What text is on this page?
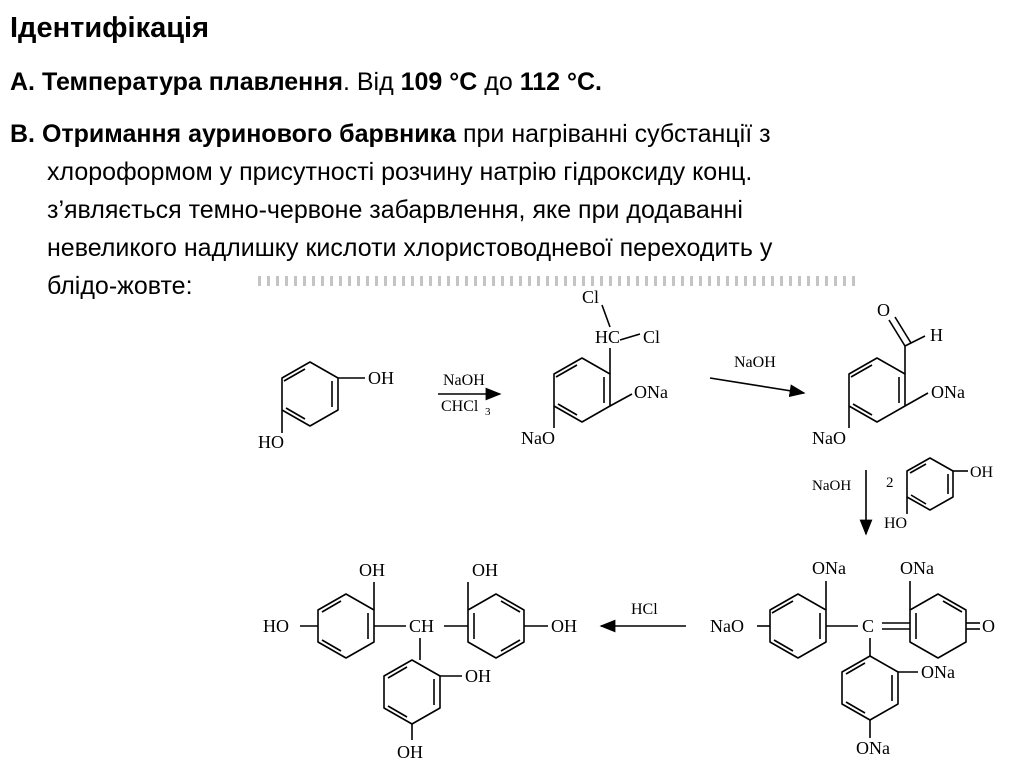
Ідентифікація
А. Температура плавлення. Від 109 °С до 112 °С.
В. Отримання ауринового барвника при нагріванні субстанції з
хлороформом у присутності розчину натрію гідроксиду конц.
з’являється темно-червоне забарвлення, яке при додаванні
невеликого надлишку кислоти хлористоводневої переходить у
блідо-жовте:
OH
HO
NaOH
CHCl 3
Cl
HC Cl
ONa
NaO
NaOH
O
H
ONa
NaO
NaOH 2
OH
HO
ONa	ONa
NaO	C	O
ONa
ONa
HCl
OH	OH
HO	CH	OH
OH
OH
